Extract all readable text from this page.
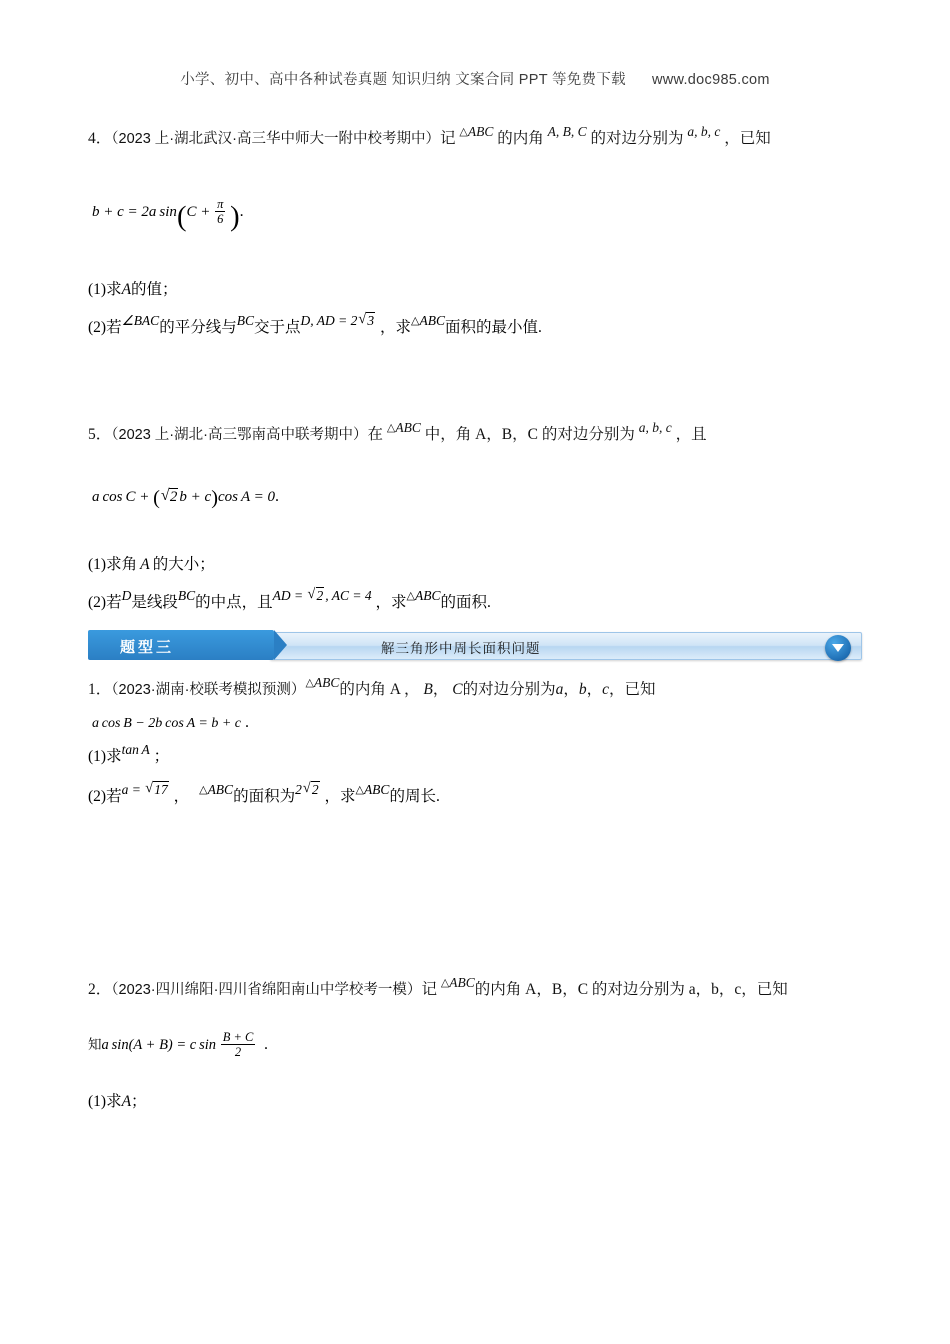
小学、初中、高中各种试卷真题 知识归纳 文案合同 PPT 等免费下载 www.doc985.com
4．（2023 上·湖北武汉·高三华中师大一附中校考期中）记 △ABC 的内角 A, B, C 的对边分别为 a, b, c ，已知
b + c = 2a $\sin(C + \frac{\pi}{6}$ ).
(1)求A的值；
(2)若∠BAC的平分线与BC交于点D, AD = 2 √ 3 ，求△ABC面积的最小值.
5．（2023 上·湖北·高三鄂南高中联考期中）在 △ABC 中，角 A，B，C 的对边分别为 a, b, c ，且
a cos C + ( √ 2 b + c)cos A = 0.
(1)求角 A 的大小；
(2)若D是线段BC的中点，且AD = √ 2 , AC = 4 ，求△ABC的面积.
解三角形中周长面积问题
题型三
1．（2023·湖南·校联考模拟预测）△ABC的内角 A ， B， C的对边分别为a，b，c，已知
a cos B − 2b cos A = b + c .
(1)求tan A ；
(2)若a = √ 17 ， △ABC的面积为2 √ 2 ，求△ABC的周长.
2．（2023·四川绵阳·四川省绵阳南山中学校考一模）记 △ABC的内角 A，B，C 的对边分别为 a，b，c，已知
知a sin(A + B) = c $\sin \frac{B + C}{2}$ .
(1)求A；
